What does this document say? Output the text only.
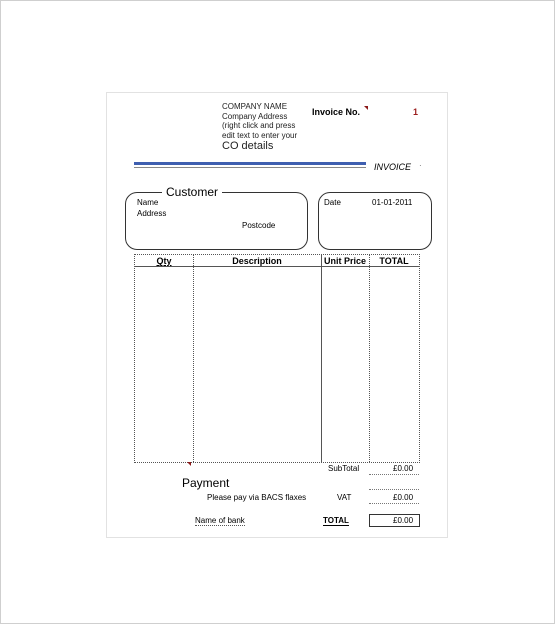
COMPANY NAME
Company Address
(right click and press
edit text to enter your
CO details
Invoice No.	1
INVOICE ·
Customer
Name
Address
Postcode
Date	01-01-2011
Qty	Description	Unit Price	TOTAL
SubTotal	£0.00
Payment
Please pay via BACS flaxes	VAT	£0.00
Name of bank	TOTAL	£0.00
